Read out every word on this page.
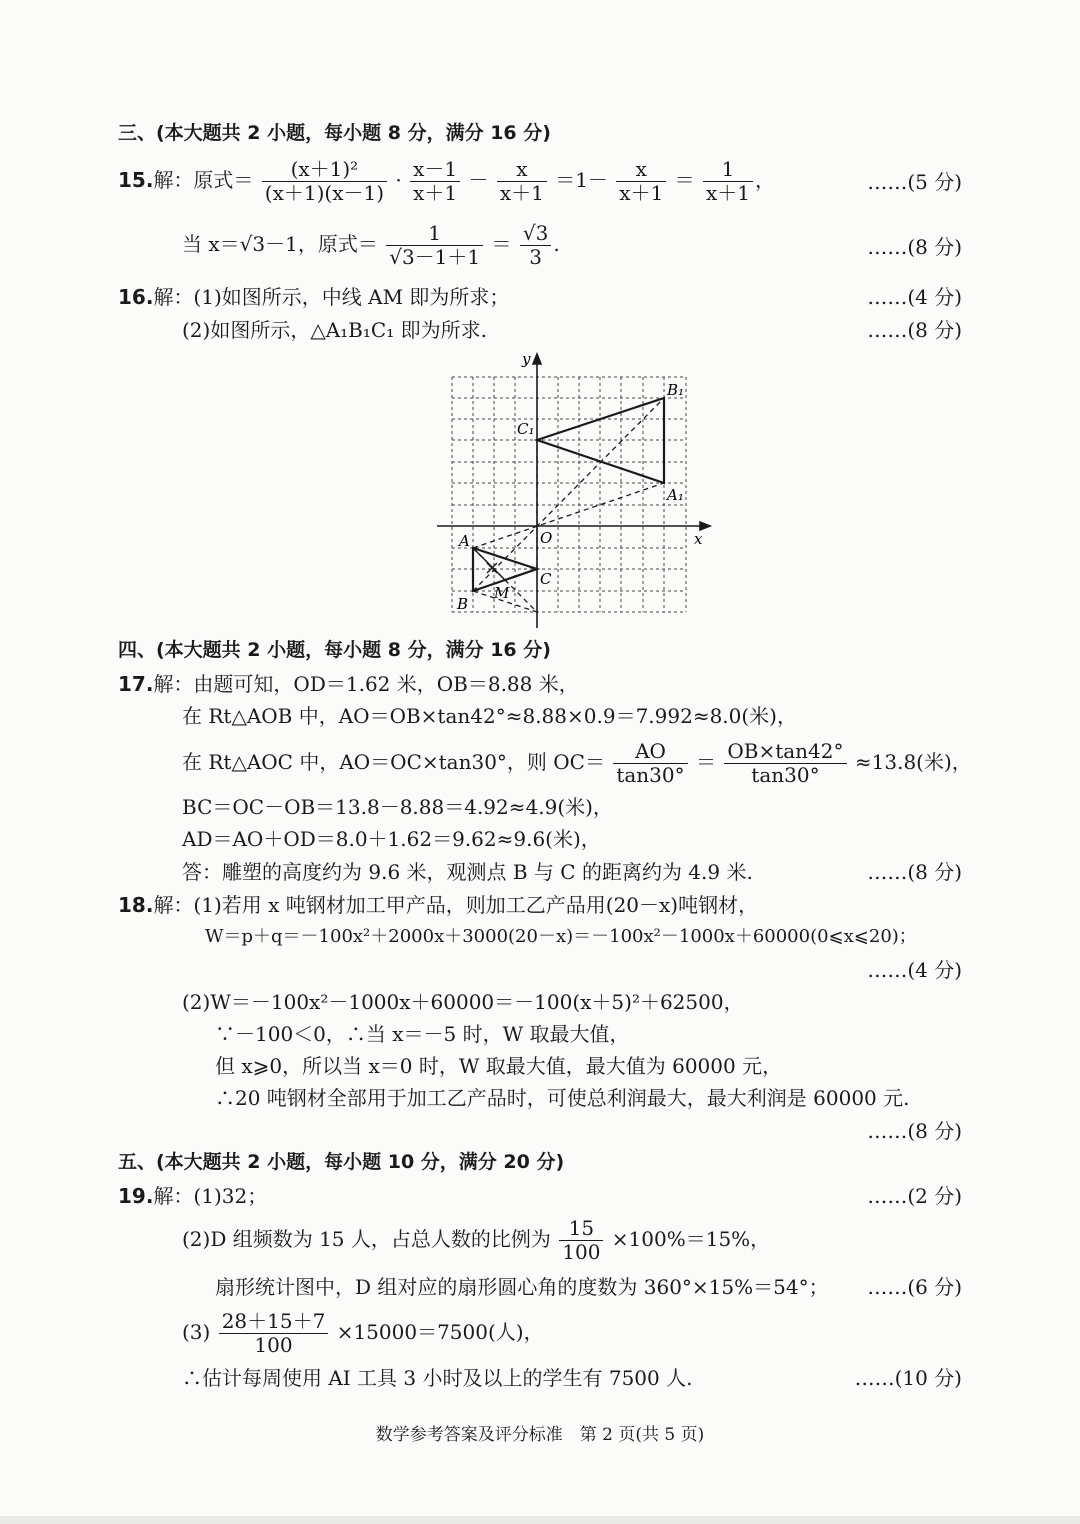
三、(本大题共 2 小题，每小题 8 分，满分 16 分)
15.解：原式＝ $\frac{\text{(x＋1)²}}{(x+1)(x-1)} \cdot \frac{x-1}{x+1} - \frac{x}{x+1} =1- \frac{x}{x+1} = \frac{1}{x+1}$ ，	……(5 分)
当 x＝√3－1，原式＝ $\frac{1}{√3-1+1} = \frac{√3}{3}$ .	……(8 分)
16.解：(1)如图所示，中线 AM 即为所求；	……(4 分)
(2)如图所示，△A₁B₁C₁ 即为所求.	……(8 分)
x
y
O
A
B
C
M
B₁
C₁
A₁
四、(本大题共 2 小题，每小题 8 分，满分 16 分)
17.解：由题可知，OD＝1.62 米，OB＝8.88 米，
在 Rt△AOB 中，AO＝OB×tan42°≈8.88×0.9＝7.992≈8.0(米)，
在 Rt△AOC 中，AO＝OC×tan30°，则 $OC= \frac{AO}{\tan 30^\circ} = \frac{OB\times\tan 42^\circ}{\tan 30^\circ} \approx 13.8$(米)，
BC＝OC－OB＝13.8－8.88＝4.92≈4.9(米)，
AD＝AO＋OD＝8.0＋1.62＝9.62≈9.6(米)，
答：雕塑的高度约为 9.6 米，观测点 B 与 C 的距离约为 4.9 米.	……(8 分)
18.解：(1)若用 x 吨钢材加工甲产品，则加工乙产品用(20－x)吨钢材，
W＝p＋q＝－100x²＋2000x＋3000(20－x)＝－100x²－1000x＋60000(0⩽x⩽20)；
……(4 分)
(2)W＝－100x²－1000x＋60000＝－100(x＋5)²＋62500，
∵－100＜0，∴当 x＝－5 时，W 取最大值，
但 x⩾0，所以当 x＝0 时，W 取最大值，最大值为 60000 元，
∴20 吨钢材全部用于加工乙产品时，可使总利润最大，最大利润是 60000 元.
……(8 分)
五、(本大题共 2 小题，每小题 10 分，满分 20 分)
19.解：(1)32；	……(2 分)
(2)D 组频数为 15 人，占总人数的比例为 $\frac{15}{100} \times 100\%=15\%$，
扇形统计图中，D 组对应的扇形圆心角的度数为 360°×15%＝54°； ……(6 分)
$(3) \frac{28+15+7}{100} \times 15000=7500$(人)，
∴估计每周使用 AI 工具 3 小时及以上的学生有 7500 人.	……(10 分)
数学参考答案及评分标准　第 2 页(共 5 页)
